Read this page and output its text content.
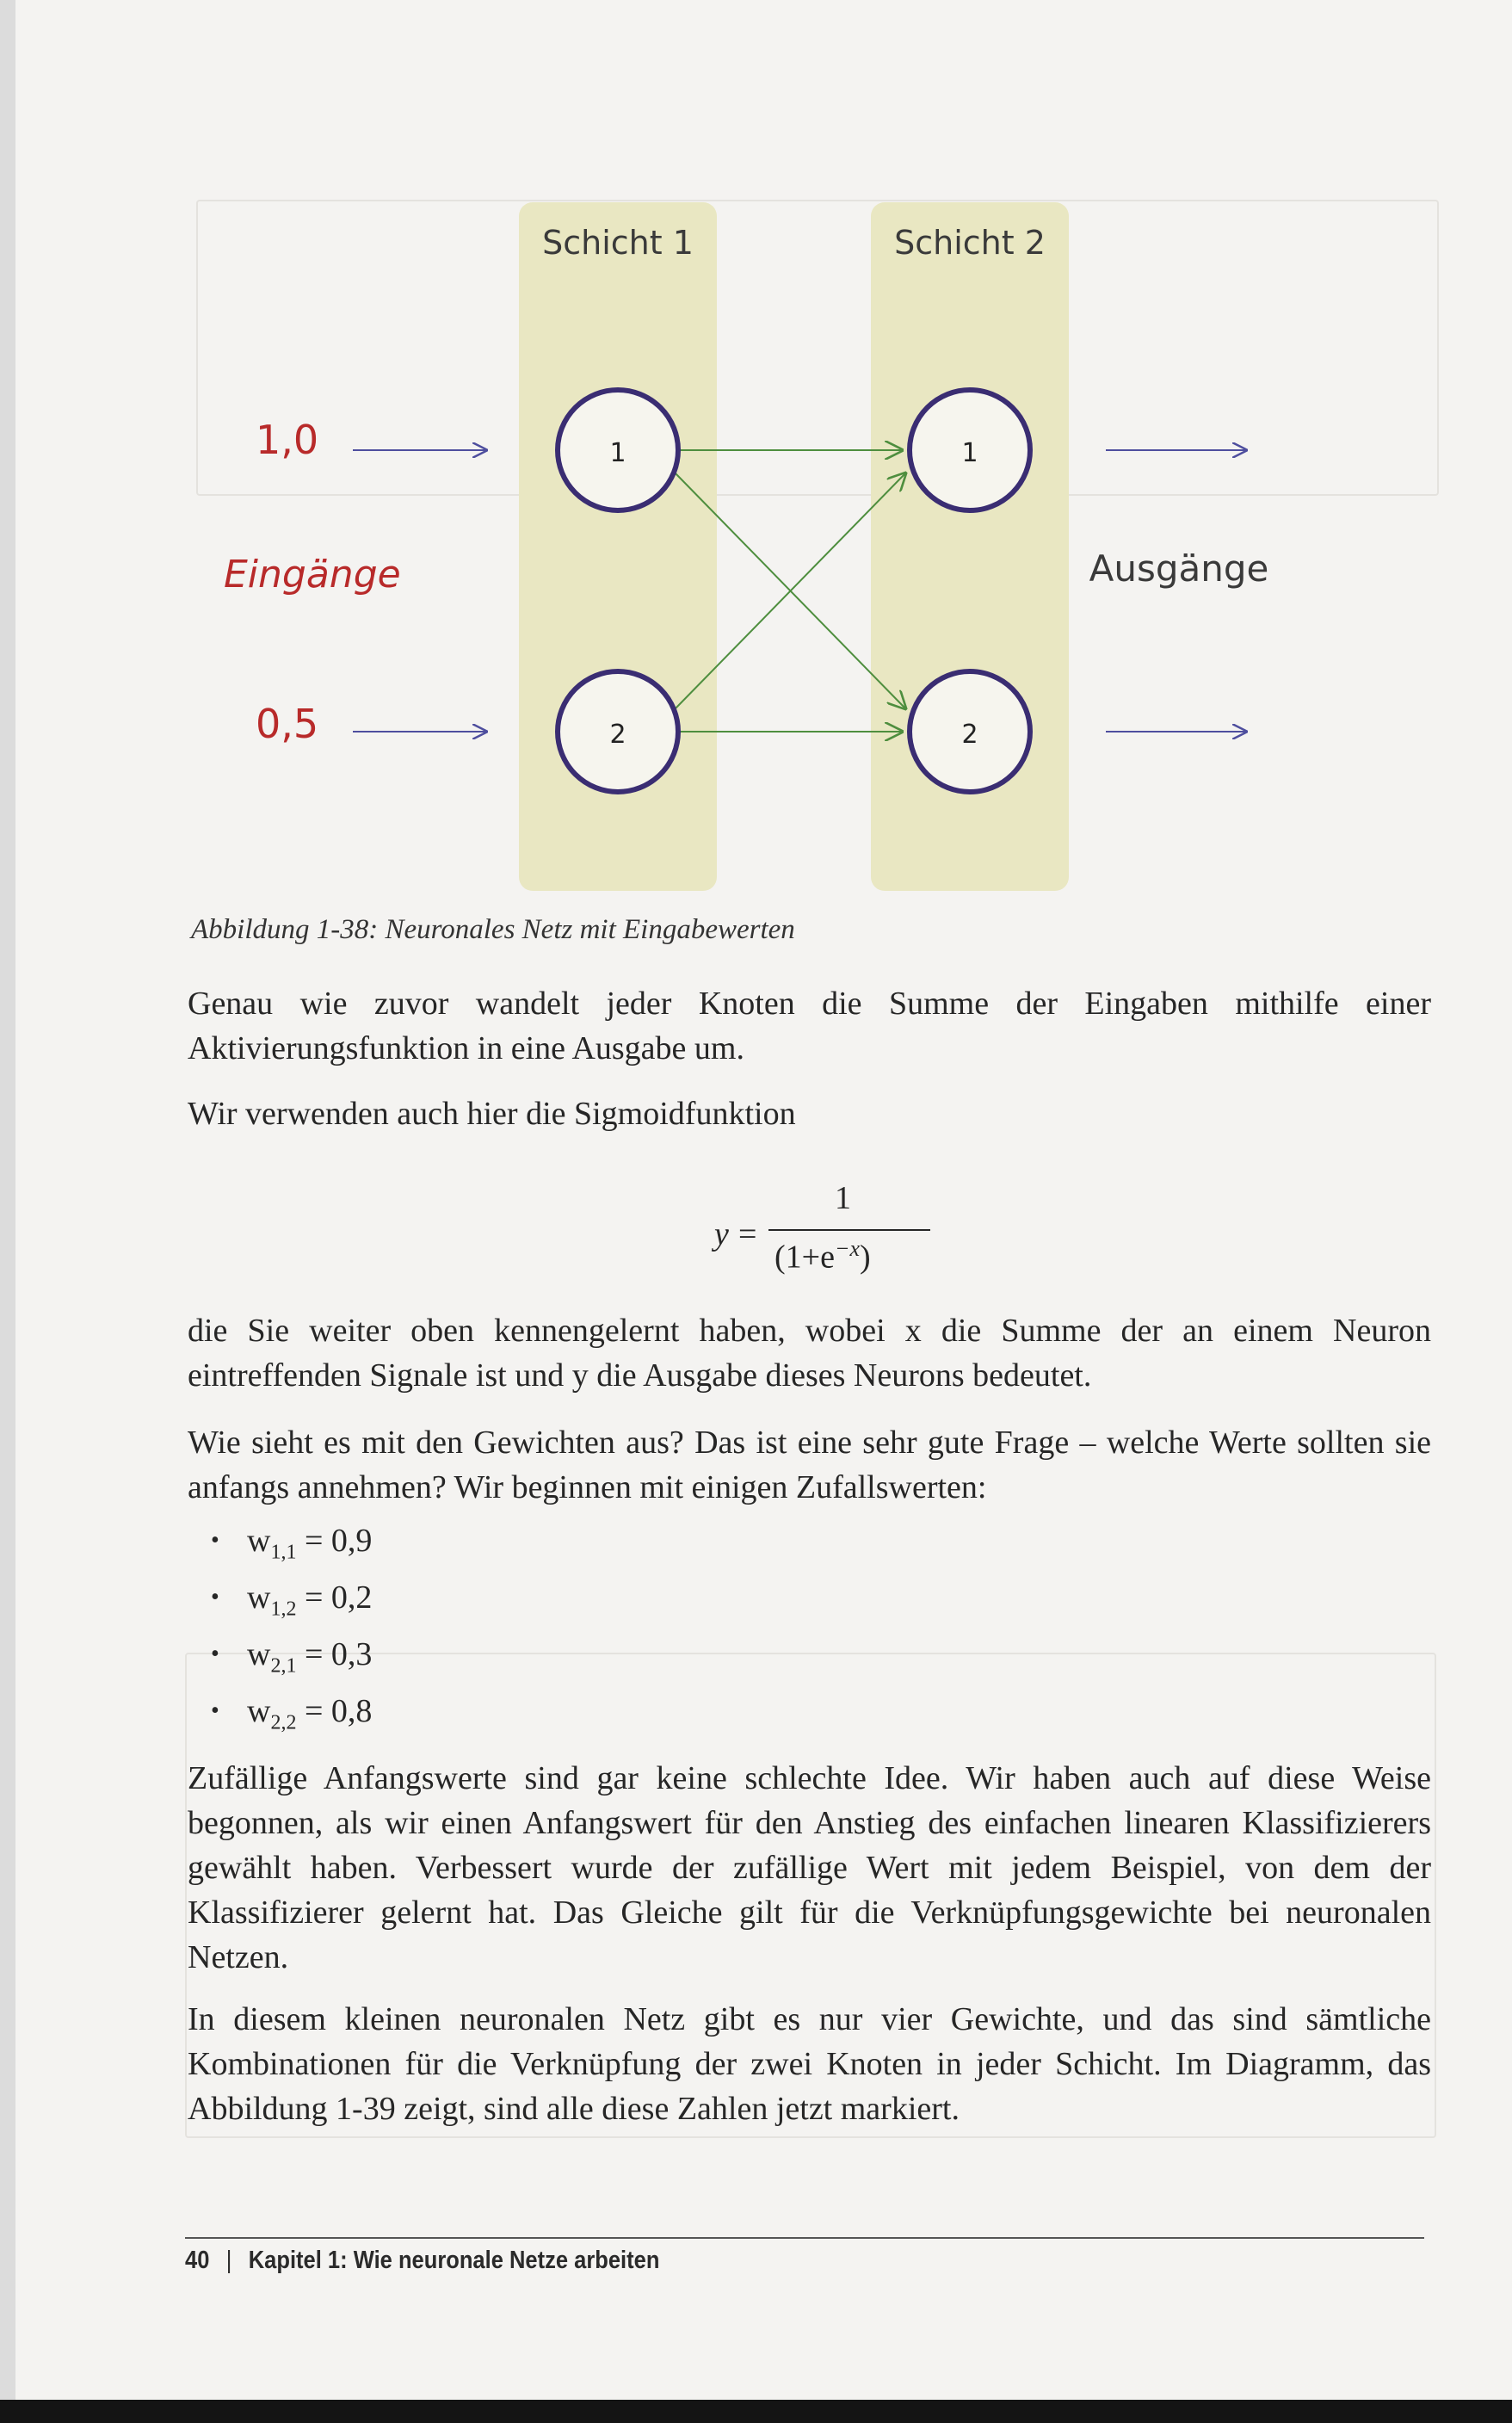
Schicht 1	Schicht 2
1,0
Eingänge
0,5
1
2
1
2
Ausgänge
Abbildung 1-38: Neuronales Netz mit Eingabewerten

Genau wie zuvor wandelt jeder Knoten die Summe der Eingaben mithilfe einer Aktivierungsfunktion in eine Ausgabe um.

Wir verwenden auch hier die Sigmoidfunktion

y =
1
$(1+e^{-x})$

die Sie weiter oben kennengelernt haben, wobei x die Summe der an einem Neuron eintreffenden Signale ist und y die Ausgabe dieses Neurons bedeutet.

Wie sieht es mit den Gewichten aus? Das ist eine sehr gute Frage – welche Werte sollten sie anfangs annehmen? Wir beginnen mit einigen Zufallswerten:

• $w_{1,1} = 0,9$
• $w_{1,2} = 0,2$
• $w_{2,1} = 0,3$
• $w_{2,2} = 0,8$

Zufällige Anfangswerte sind gar keine schlechte Idee. Wir haben auch auf diese Weise begonnen, als wir einen Anfangswert für den Anstieg des einfachen linearen Klassifizierers gewählt haben. Verbessert wurde der zufällige Wert mit jedem Beispiel, von dem der Klassifizierer gelernt hat. Das Gleiche gilt für die Verknüpfungsgewichte bei neuronalen Netzen.

In diesem kleinen neuronalen Netz gibt es nur vier Gewichte, und das sind sämtliche Kombinationen für die Verknüpfung der zwei Knoten in jeder Schicht. Im Diagramm, das Abbildung 1-39 zeigt, sind alle diese Zahlen jetzt markiert.

40 | Kapitel 1: Wie neuronale Netze arbeiten
